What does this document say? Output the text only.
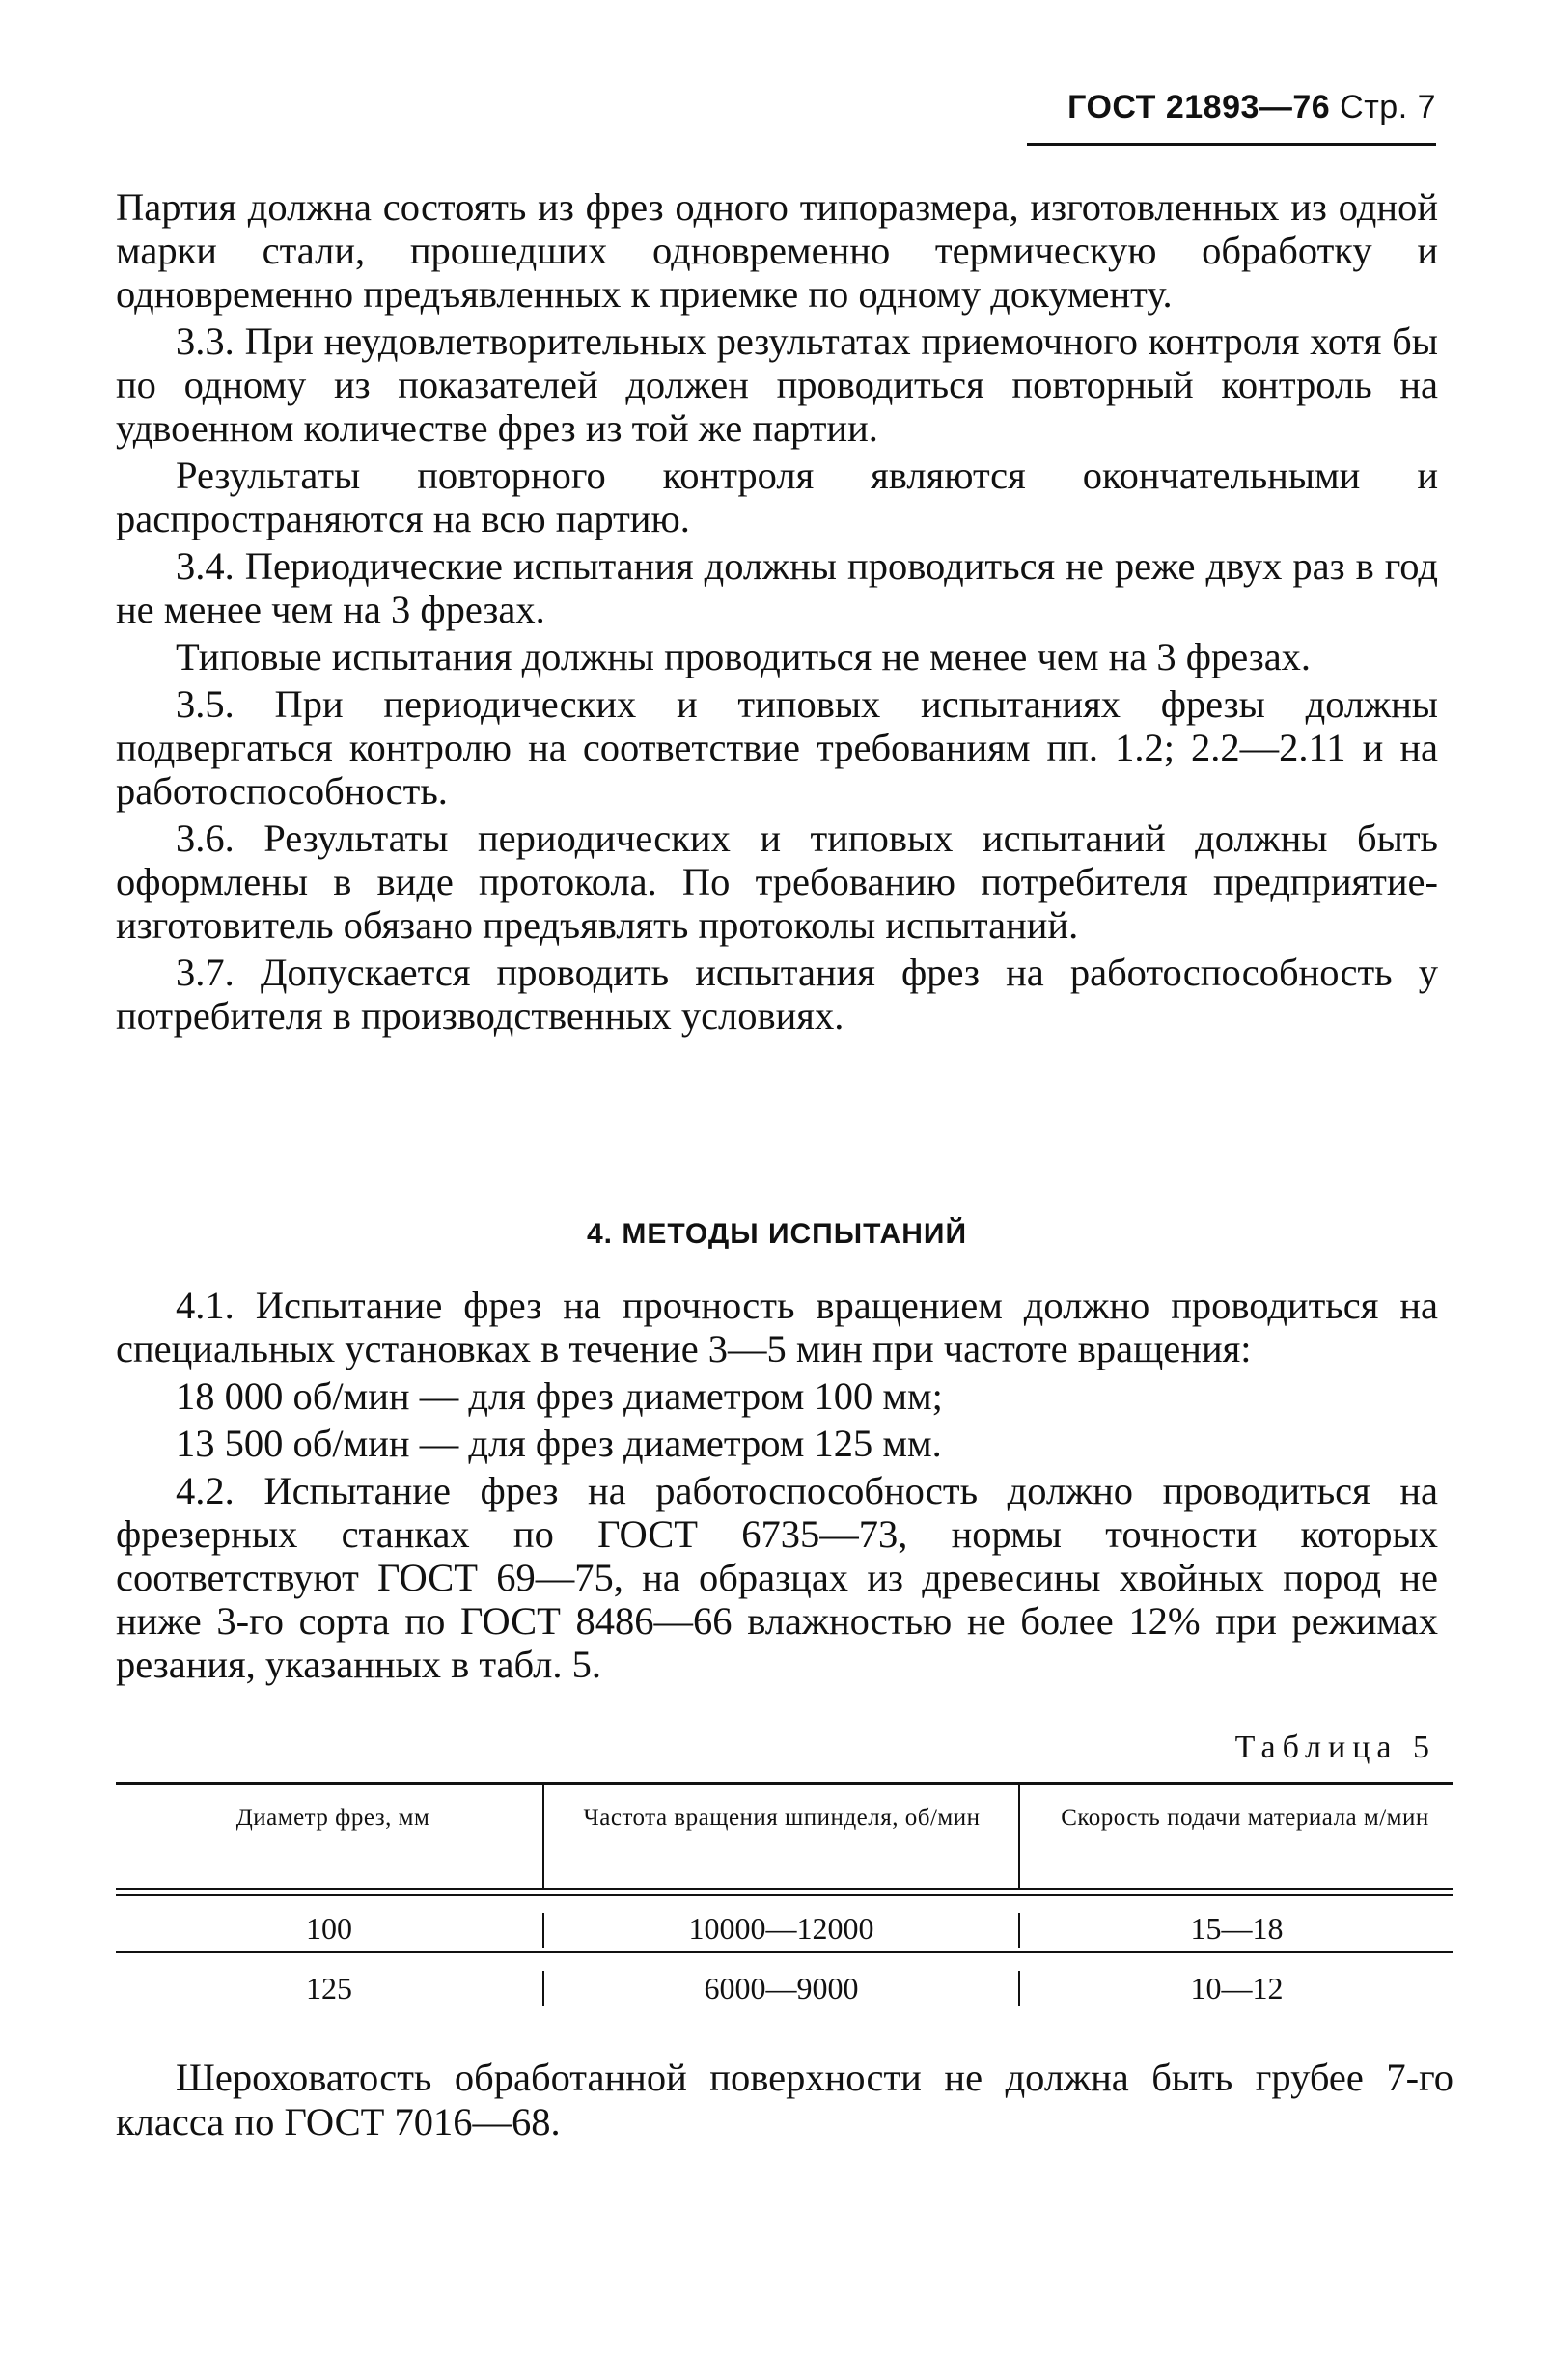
ГОСТ 21893—76 Стр. 7

Партия должна состоять из фрез одного типоразмера, изготовленных из одной марки стали, прошедших одновременно термическую обработку и одновременно предъявленных к приемке по одному документу.

3.3. При неудовлетворительных результатах приемочного контроля хотя бы по одному из показателей должен проводиться повторный контроль на удвоенном количестве фрез из той же партии.

Результаты повторного контроля являются окончательными и распространяются на всю партию.

3.4. Периодические испытания должны проводиться не реже двух раз в год не менее чем на 3 фрезах.

Типовые испытания должны проводиться не менее чем на 3 фрезах.

3.5. При периодических и типовых испытаниях фрезы должны подвергаться контролю на соответствие требованиям пп. 1.2; 2.2—2.11 и на работоспособность.

3.6. Результаты периодических и типовых испытаний должны быть оформлены в виде протокола. По требованию потребителя предприятие-изготовитель обязано предъявлять протоколы испытаний.

3.7. Допускается проводить испытания фрез на работоспособность у потребителя в производственных условиях.

4. МЕТОДЫ ИСПЫТАНИЙ

4.1. Испытание фрез на прочность вращением должно проводиться на специальных установках в течение 3—5 мин при частоте вращения:

18 000 об/мин — для фрез диаметром 100 мм;

13 500 об/мин — для фрез диаметром 125 мм.

4.2. Испытание фрез на работоспособность должно проводиться на фрезерных станках по ГОСТ 6735—73, нормы точности которых соответствуют ГОСТ 69—75, на образцах из древесины хвойных пород не ниже 3-го сорта по ГОСТ 8486—66 влажностью не более 12% при режимах резания, указанных в табл. 5.

Таблица 5
Диаметр фрез, мм	Частота вращения шпинделя, об/мин	Скорость подачи материала м/мин
100	10000—12000	15—18
125	6000—9000	10—12

Шероховатость обработанной поверхности не должна быть грубее 7-го класса по ГОСТ 7016—68.
